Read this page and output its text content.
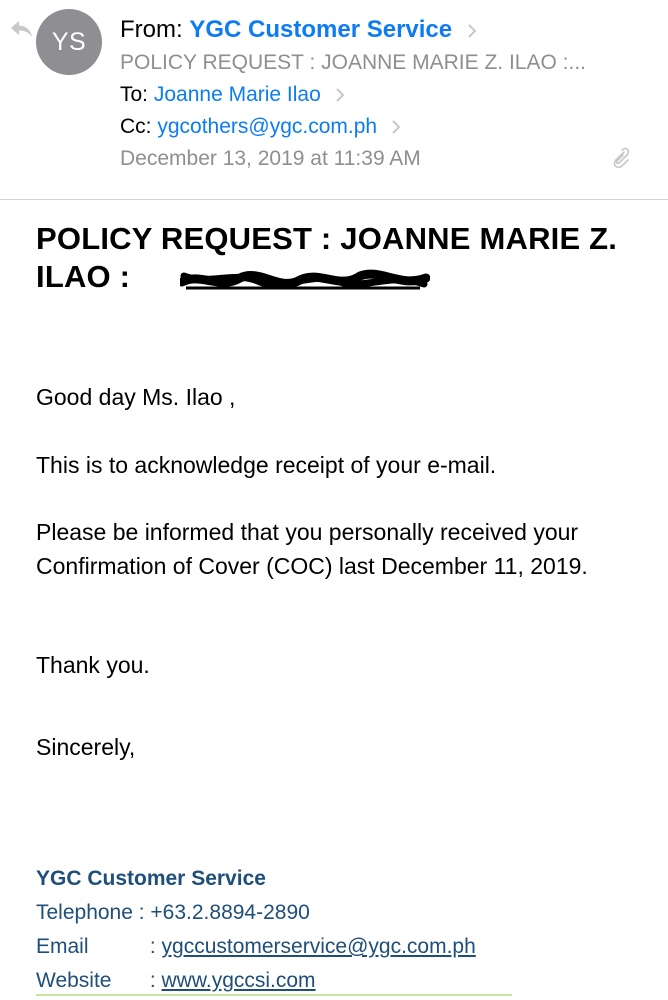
YS From: YGC Customer Service
POLICY REQUEST : JOANNE MARIE Z. ILAO :...
To: Joanne Marie Ilao
Cc: ygcothers@ygc.com.ph
December 13, 2019 at 11:39 AM
POLICY REQUEST : JOANNE MARIE Z. ILAO :
Good day Ms. Ilao ,
This is to acknowledge receipt of your e-mail.
Please be informed that you personally received your Confirmation of Cover (COC) last December 11, 2019.
Thank you.
Sincerely,
YGC Customer Service
Telephone : +63.2.8894-2890
Email	: ygccustomerservice@ygc.com.ph
Website : www.ygccsi.com
